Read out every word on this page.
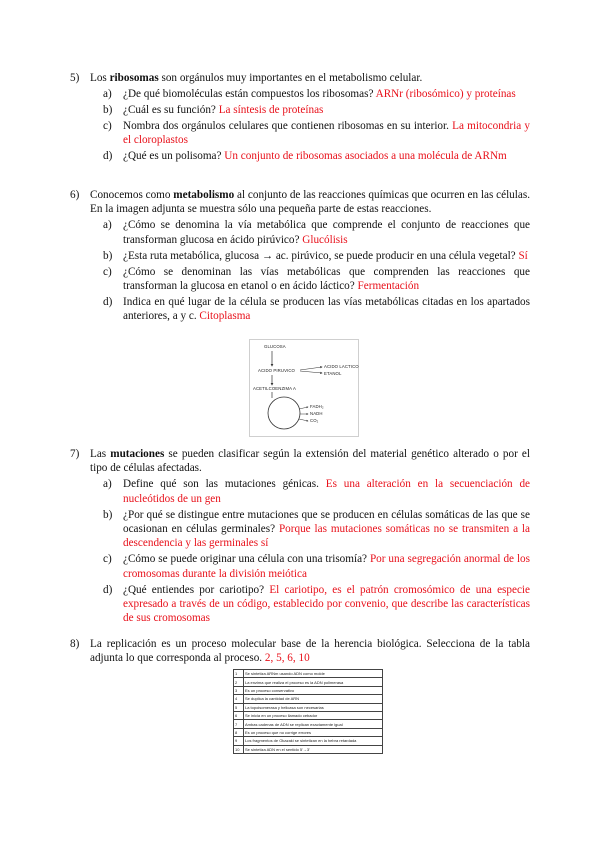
5) Los ribosomas son orgánulos muy importantes en el metabolismo celular.
a) ¿De qué biomoléculas están compuestos los ribosomas? ARNr (ribosómico) y proteínas
b) ¿Cuál es su función? La síntesis de proteínas
c) Nombra dos orgánulos celulares que contienen ribosomas en su interior. La mitocondria y el cloroplastos
d) ¿Qué es un polisoma? Un conjunto de ribosomas asociados a una molécula de ARNm
6) Conocemos como metabolismo al conjunto de las reacciones químicas que ocurren en las células. En la imagen adjunta se muestra sólo una pequeña parte de estas reacciones.
a) ¿Cómo se denomina la vía metabólica que comprende el conjunto de reacciones que transforman glucosa en ácido pirúvico? Glucólisis
b) ¿Esta ruta metabólica, glucosa → ac. pirúvico, se puede producir en una célula vegetal? Sí
c) ¿Cómo se denominan las vías metabólicas que comprenden las reacciones que transforman la glucosa en etanol o en ácido láctico? Fermentación
d) Indica en qué lugar de la célula se producen las vías metabólicas citadas en los apartados anteriores, a y c. Citoplasma
GLUCOSA
ACIDO PIRUVICO
ACIDO LACTICO
ETANOL
ACETILCOENZIMA A
FADH₂
NADH
CO₂
7) Las mutaciones se pueden clasificar según la extensión del material genético alterado o por el tipo de células afectadas.
a) Define qué son las mutaciones génicas. Es una alteración en la secuenciación de nucleótidos de un gen
b) ¿Por qué se distingue entre mutaciones que se producen en células somáticas de las que se ocasionan en células germinales? Porque las mutaciones somáticas no se transmiten a la descendencia y las germinales sí
c) ¿Cómo se puede originar una célula con una trisomía? Por una segregación anormal de los cromosomas durante la división meiótica
d) ¿Qué entiendes por cariotipo? El cariotipo, es el patrón cromosómico de una especie expresado a través de un código, establecido por convenio, que describe las características de sus cromosomas
8) La replicación es un proceso molecular base de la herencia biológica. Selecciona de la tabla adjunta lo que corresponda al proceso. 2, 5, 6, 10
1	Se sintetiza ARNm usando ADN como molde
2	La enzima que realiza el proceso es la ADN polimerasa
3	Es un proceso conservativo
4	Se duplica la cantidad de ARN
5	La topoisomerasa y helicasa son necesarias
6	Se inicia en un proceso llamado cebador
7	Ambas cadenas de ADN se replican exactamente igual
8	Es un proceso que no corrige errores
9	Los fragmentos de Okazaki se sintetizan en la hebra retardada
10	Se sintetiza ADN en el sentido 5'→3'
